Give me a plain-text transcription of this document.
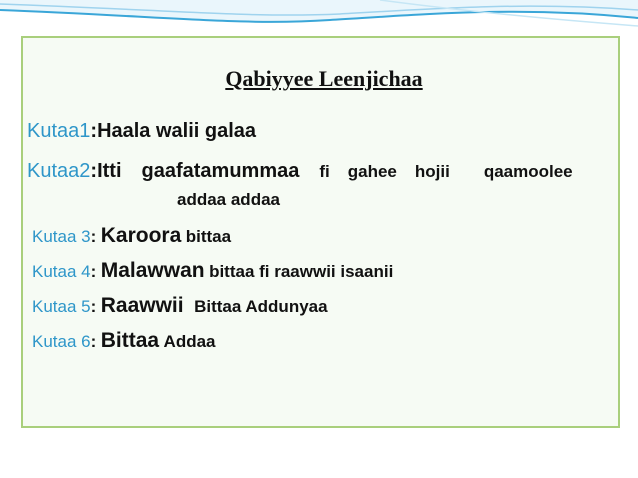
Qabiyyee Leenjichaa
Kutaa1:Haala walii galaa
Kutaa2:Itti gaafatamummaa fi gahee hojii qaamoolee
addaa addaa
Kutaa 3: Karoora bittaa
Kutaa 4: Malawwan bittaa fi raawwii isaanii
Kutaa 5: Raawwii Bittaa Addunyaa
Kutaa 6: Bittaa Addaa
